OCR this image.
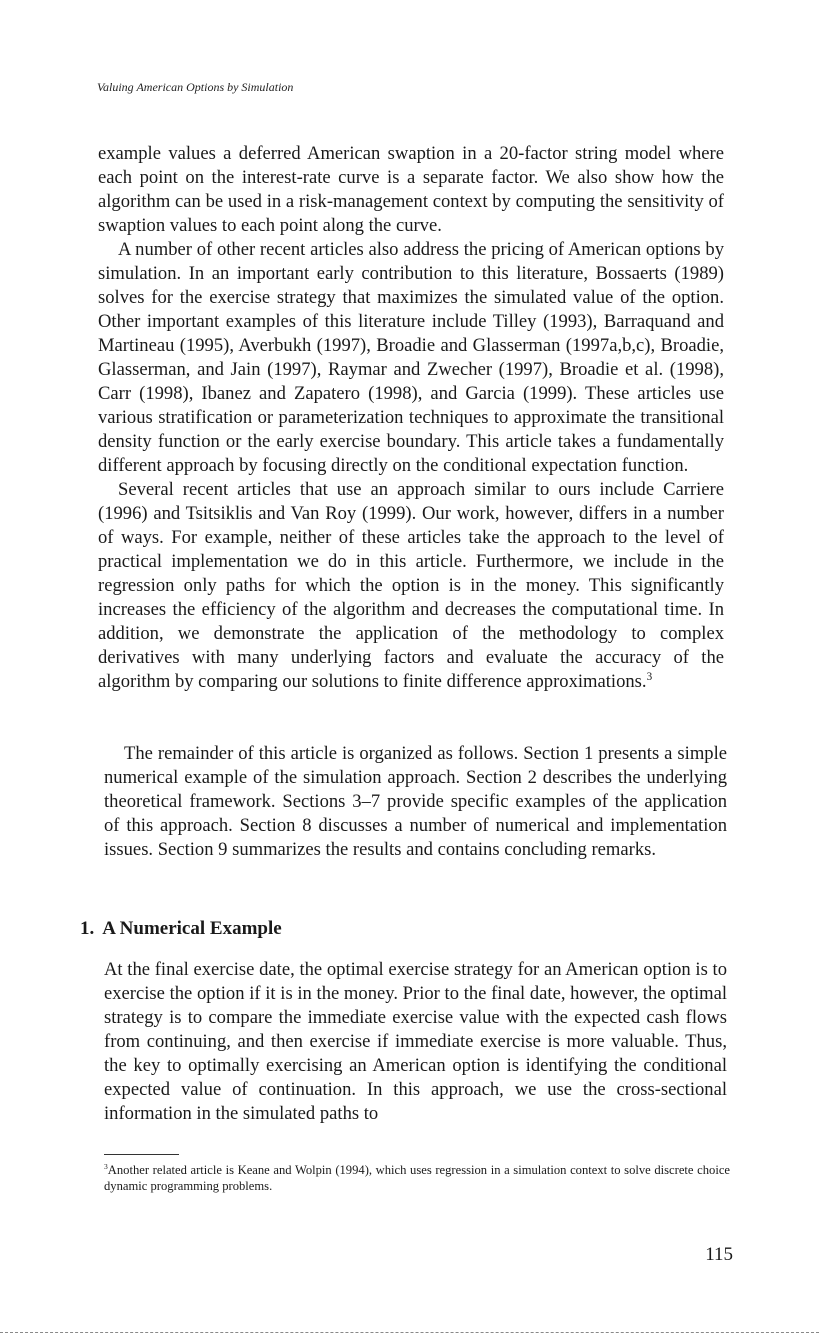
Valuing American Options by Simulation

example values a deferred American swaption in a 20-factor string model where each point on the interest-rate curve is a separate factor. We also show how the algorithm can be used in a risk-management context by computing the sensitivity of swaption values to each point along the curve.

A number of other recent articles also address the pricing of American options by simulation. In an important early contribution to this literature, Bossaerts (1989) solves for the exercise strategy that maximizes the simulated value of the option. Other important examples of this literature include Tilley (1993), Barraquand and Martineau (1995), Averbukh (1997), Broadie and Glasserman (1997a,b,c), Broadie, Glasserman, and Jain (1997), Raymar and Zwecher (1997), Broadie et al. (1998), Carr (1998), Ibanez and Zapatero (1998), and Garcia (1999). These articles use various stratification or parameterization techniques to approximate the transitional density function or the early exercise boundary. This article takes a fundamentally different approach by focusing directly on the conditional expectation function.

Several recent articles that use an approach similar to ours include Carriere (1996) and Tsitsiklis and Van Roy (1999). Our work, however, differs in a number of ways. For example, neither of these articles take the approach to the level of practical implementation we do in this article. Furthermore, we include in the regression only paths for which the option is in the money. This significantly increases the efficiency of the algorithm and decreases the computational time. In addition, we demonstrate the application of the methodology to complex derivatives with many underlying factors and evaluate the accuracy of the algorithm by comparing our solutions to finite difference approximations.$^3$

The remainder of this article is organized as follows. Section 1 presents a simple numerical example of the simulation approach. Section 2 describes the underlying theoretical framework. Sections 3–7 provide specific examples of the application of this approach. Section 8 discusses a number of numerical and implementation issues. Section 9 summarizes the results and contains concluding remarks.

1. A Numerical Example

At the final exercise date, the optimal exercise strategy for an American option is to exercise the option if it is in the money. Prior to the final date, however, the optimal strategy is to compare the immediate exercise value with the expected cash flows from continuing, and then exercise if immediate exercise is more valuable. Thus, the key to optimally exercising an American option is identifying the conditional expected value of continuation. In this approach, we use the cross-sectional information in the simulated paths to

$^3$Another related article is Keane and Wolpin (1994), which uses regression in a simulation context to solve discrete choice dynamic programming problems.
115
